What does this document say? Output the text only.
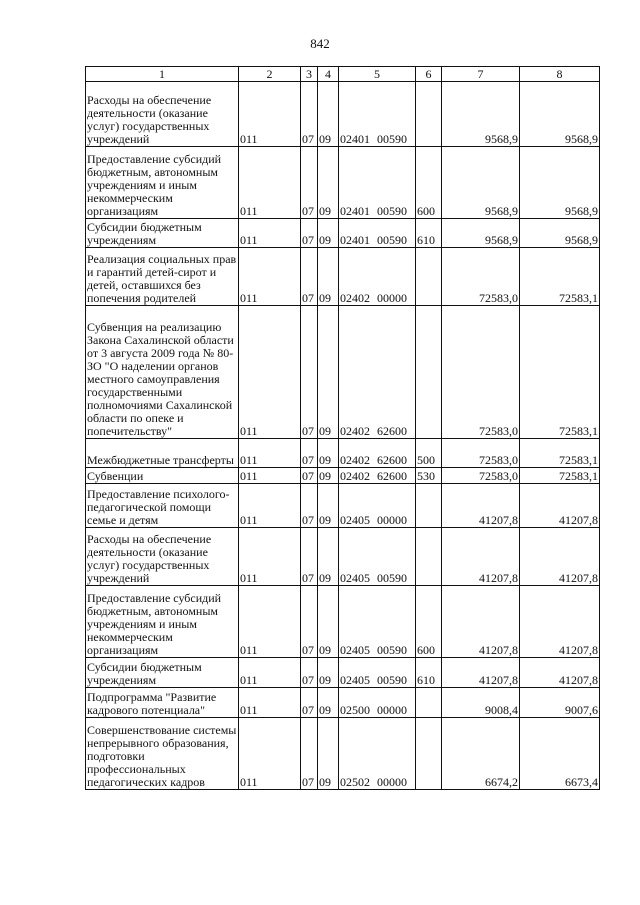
842
1	2	3	4	5	6	7	8
Расходы на обеспечение деятельности (оказание услуг) государственных учреждений	011	07	09	02401 00590		9568,9	9568,9
Предоставление субсидий бюджетным, автономным учреждениям и иным некоммерческим организациям	011	07	09	02401 00590	600	9568,9	9568,9
Субсидии бюджетным учреждениям	011	07	09	02401 00590	610	9568,9	9568,9
Реализация социальных прав и гарантий детей-сирот и детей, оставшихся без попечения родителей	011	07	09	02402 00000		72583,0	72583,1
Субвенция на реализацию Закона Сахалинской области от 3 августа 2009 года № 80-ЗО "О наделении органов местного самоуправления государственными полномочиями Сахалинской области по опеке и попечительству"	011	07	09	02402 62600		72583,0	72583,1
Межбюджетные трансферты	011	07	09	02402 62600	500	72583,0	72583,1
Субвенции	011	07	09	02402 62600	530	72583,0	72583,1
Предоставление психолого-педагогической помощи семье и детям	011	07	09	02405 00000		41207,8	41207,8
Расходы на обеспечение деятельности (оказание услуг) государственных учреждений	011	07	09	02405 00590		41207,8	41207,8
Предоставление субсидий бюджетным, автономным учреждениям и иным некоммерческим организациям	011	07	09	02405 00590	600	41207,8	41207,8
Субсидии бюджетным учреждениям	011	07	09	02405 00590	610	41207,8	41207,8
Подпрограмма "Развитие кадрового потенциала"	011	07	09	02500 00000		9008,4	9007,6
Совершенствование системы непрерывного образования, подготовки профессиональных педагогических кадров	011	07	09	02502 00000		6674,2	6673,4
